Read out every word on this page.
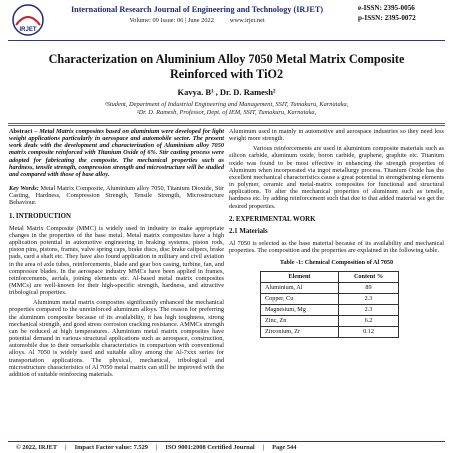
IRJET
International Research Journal of Engineering and Technology (IRJET)
Volume: 09 Issue: 06 | June 2022          www.irjet.net
e-ISSN: 2395-0056
p-ISSN: 2395-0072
Characterization on Aluminium Alloy 7050 Metal Matrix Composite Reinforced with TiO2
Kavya. B¹ , Dr. D. Ramesh²
¹Student, Department of Industrial Engineering and Management, SSIT, Tumakuru, Karnataka,
²Dr. D. Ramesh, Professor, Dept. of IEM, SSIT, Tumakuru, Karnataka,

Abstract – Metal Matrix composites based on aluminium were developed for light weight applications particularly in aerospace and automobile sector. The present work deals with the development and characterization of Aluminium alloy 7050 matrix composite reinforced with Titanium Oxide of 6%. Stir casting process were adopted for fabricating the composite. The mechanical properties such as hardness, tensile strength, compression strength and microstructure will be studied and compared with those of base alloy.

Key Words: Metal Matrix Composite, Aluminium alloy 7050, Titanium Dioxide, Stir Casting, Hardness, Compression Strength, Tensile Strength, Microstructure Behaviour.

1. INTRODUCTION

Metal Matrix Composite (MMC) is widely used in industry to make appropriate changes in the properties of the base metal. Metal matrix composites have a high application potential in automotive engineering in braking systems, piston rods, piston pins, pistons, frames, valve spring caps, brake discs, disc brake calipers, brake pads, card a shaft etc. They have also found application in military and civil aviation in the area of axle tubes, reinforcements, blade and gear box casing, turbine, fan, and compressor blades. In the aerospace industry MMCs have been applied in frames, reinforcements, aerials, joining elements etc. Al-based metal matrix composites (MMCs) are well-known for their high-specific strength, hardness, and attractive tribological properties.

Aluminum metal matrix composites significantly enhanced the mechanical properties compared to the unreinforced aluminum alloys. The reason for preferring the aluminum composite because of its availability, it has high toughness, strong mechanical strength, and good stress corrosion cracking resistance. AMMCs strength can be reduced at high temperatures. Aluminium metal matrix composites have potential demand in various structural applications such as aerospace, construction, automobile due to their remarkable characteristics in comparison with conventional alloys. Al 7050 is widely used and suitable alloy among the Al-7xxx series for transportation applications. The physical, mechanical, tribological and microstructure characteristics of Al 7050 metal matrix can still be improved with the addition of suitable reinforcing materials.

Aluminum used in mainly in automotive and aerospace industries so they need less weight more strength.

Various reinforcements are used in aluminium composite materials such as silicon carbide, aluminum oxide, boron carbide, graphene, graphite etc. Titanium oxide was found to be most effective in enhancing the strength properties of Aluminum when incorporated via ingot metallurgy process. Titanium Oxide has the excellent mechanical characteristics cause a great potential in strengthening elements in polymer, ceramic and metal-matrix composites for functional and structural applications. To alter the mechanical properties of aluminum such as tensile, hardness etc. by adding reinforcement such that due to that added material we get the desired properties.

2. EXPERIMENTAL WORK

2.1 Materials

Al 7050 is selected as the base material because of its availability and mechanical properties. The composition and the properties are explained in the following table.

Table -1: Chemical Composition of Al 7050

Element	Content %
Aluminium, Al	89
Copper, Cu	2.3
Magnesium, Mg	2.3
Zinc, Zn	6.2
Zirconium, Zr	0.12
© 2022, IRJET | Impact Factor value: 7.529 | ISO 9001:2008 Certified Journal | Page 544
